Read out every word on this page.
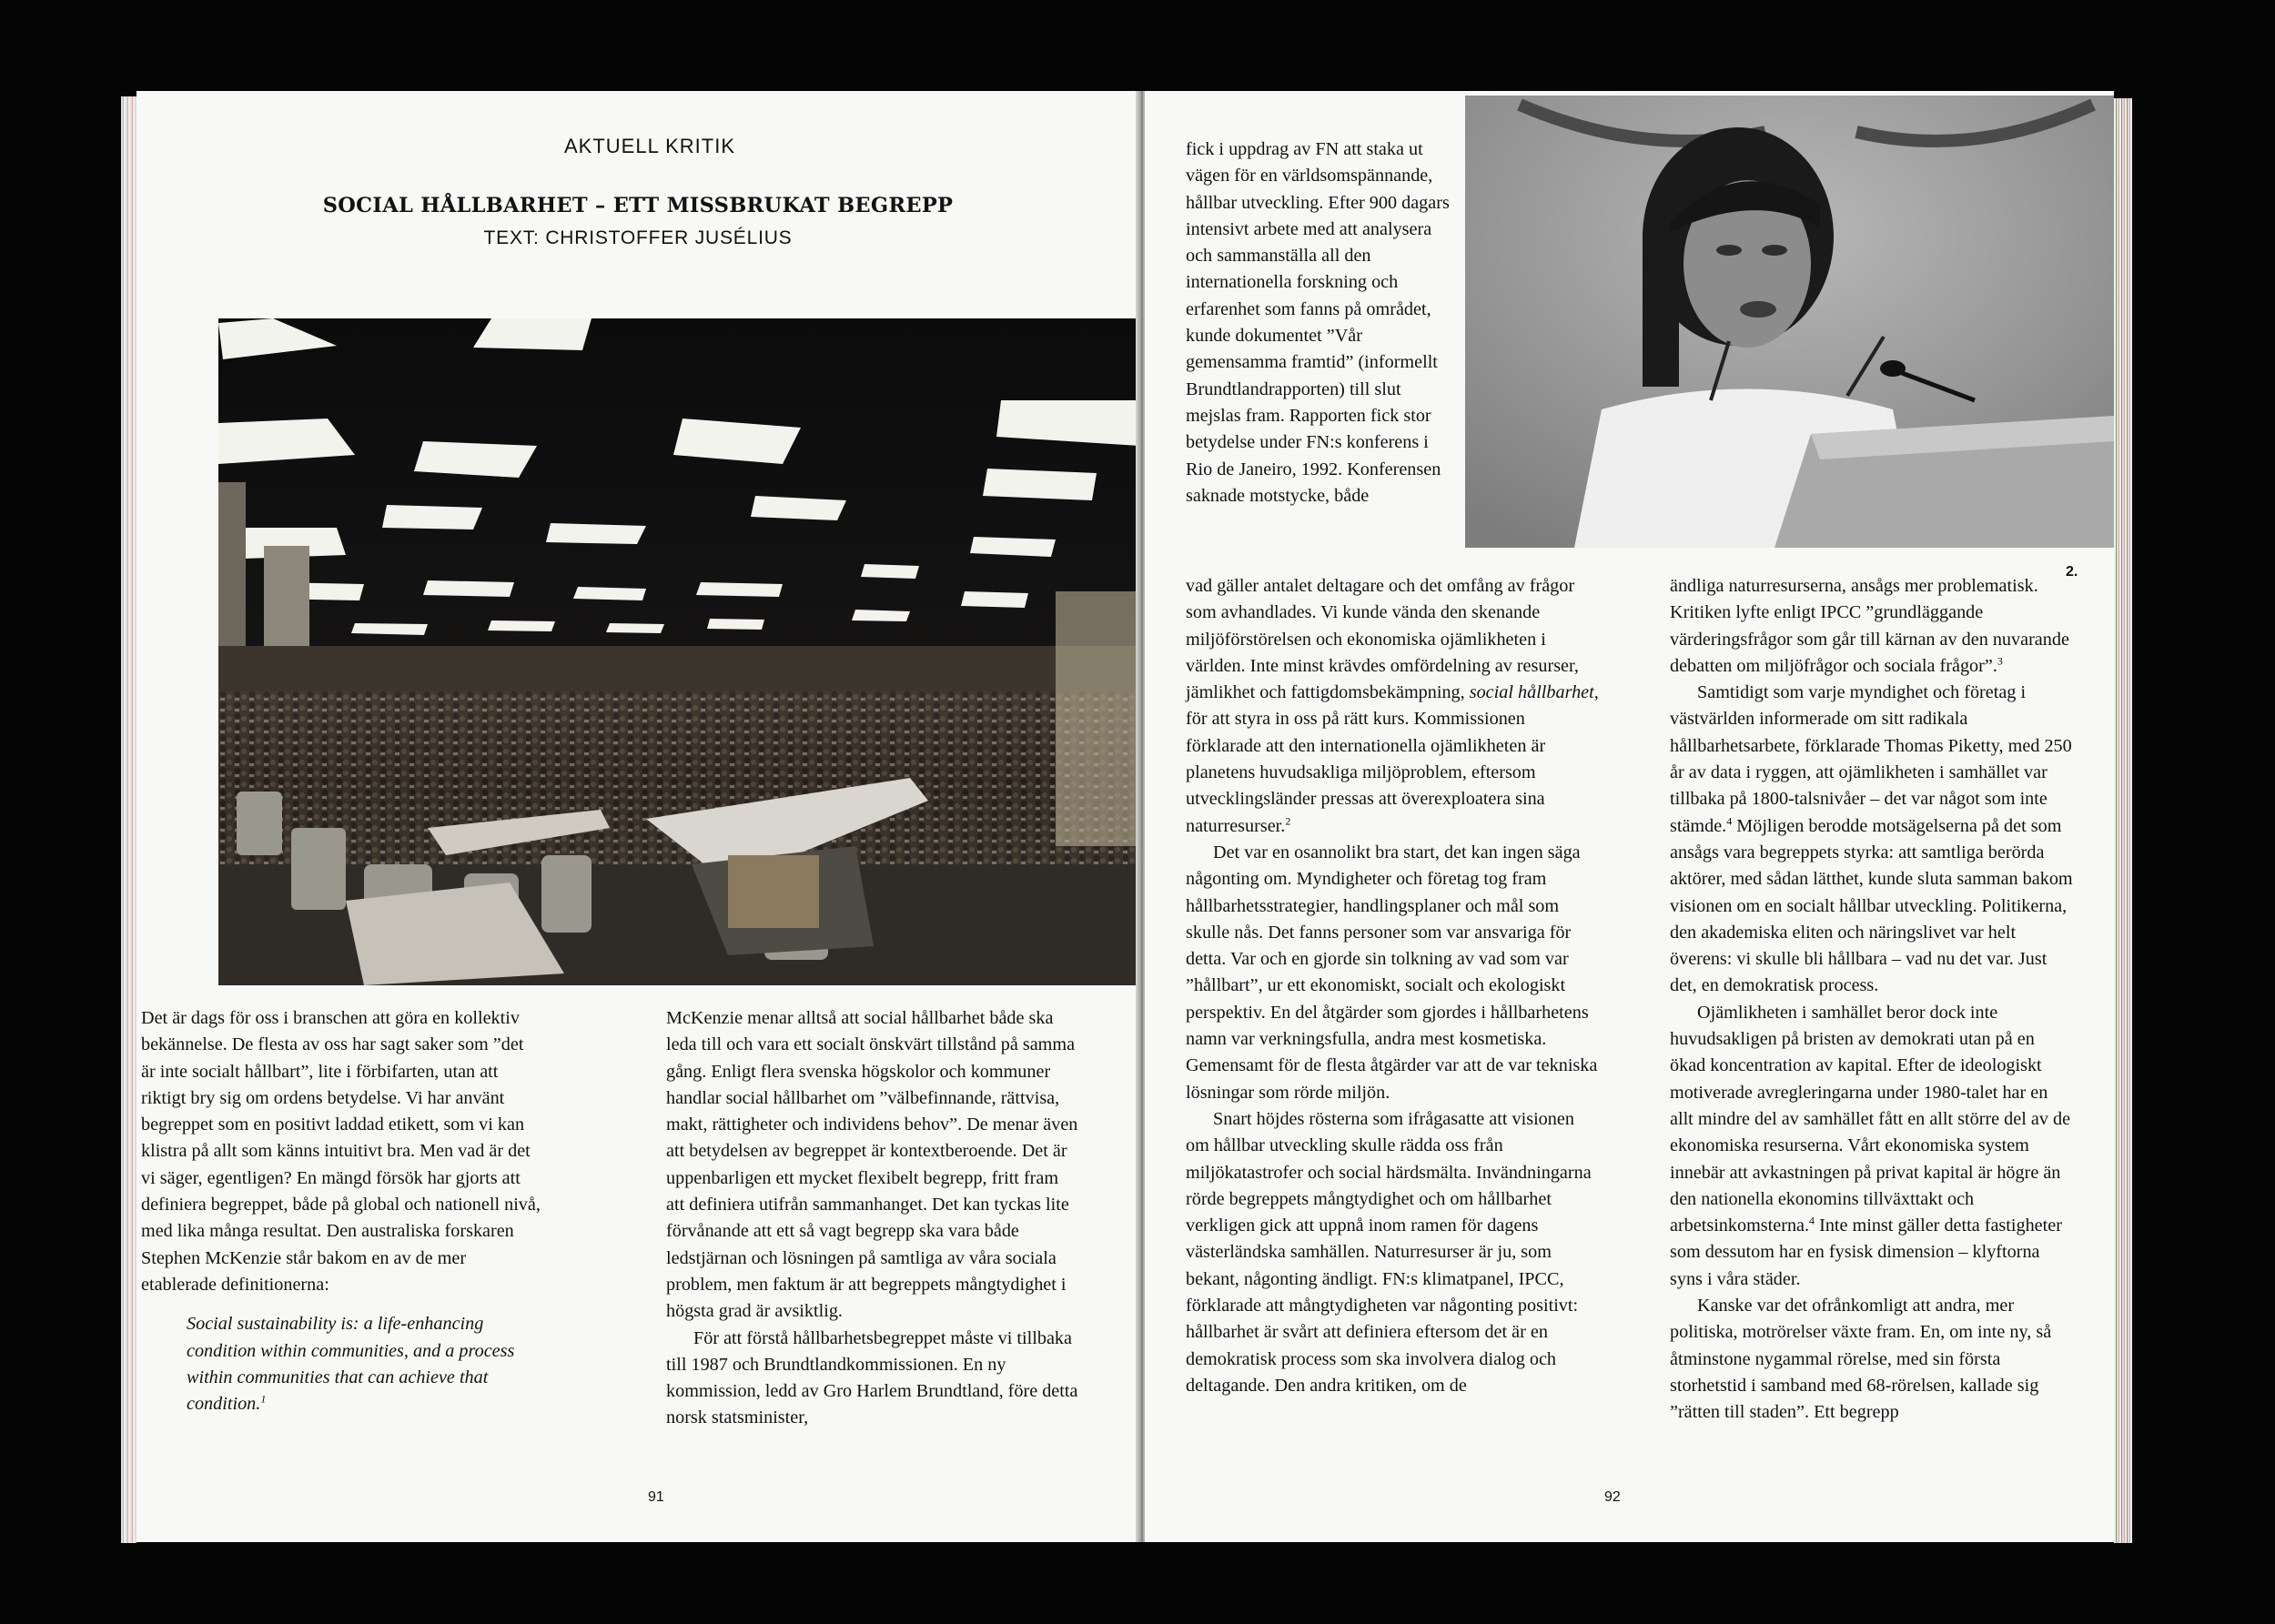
AKTUELL KRITIK
SOCIAL HÅLLBARHET – ETT MISSBRUKAT BEGREPP
TEXT: CHRISTOFFER JUSÉLIUS

Det är dags för oss i branschen att göra en kollektiv bekännelse. De flesta av oss har sagt saker som ”det är inte socialt hållbart”, lite i förbifarten, utan att riktigt bry sig om ordens betydelse. Vi har använt begreppet som en positivt laddad etikett, som vi kan klistra på allt som känns intuitivt bra. Men vad är det vi säger, egentligen? En mängd försök har gjorts att definiera begreppet, både på global och nationell nivå, med lika många resultat. Den australiska forskaren Stephen McKenzie står bakom en av de mer etablerade definitionerna:

Social sustainability is: a life-enhancing condition within communities, and a process within communities that can achieve that condition.$^1$

McKenzie menar alltså att social hållbarhet både ska leda till och vara ett socialt önskvärt tillstånd på samma gång. Enligt flera svenska högskolor och kommuner handlar social hållbarhet om ”välbefinnande, rättvisa, makt, rättigheter och individens behov”. De menar även att betydelsen av begreppet är kontextberoende. Det är uppenbarligen ett mycket flexibelt begrepp, fritt fram att definiera utifrån sammanhanget. Det kan tyckas lite förvånande att ett så vagt begrepp ska vara både ledstjärnan och lösningen på samtliga av våra sociala problem, men faktum är att begreppets mångtydighet i högsta grad är avsiktlig.

För att förstå hållbarhetsbegreppet måste vi tillbaka till 1987 och Brundtlandkommissionen. En ny kommission, ledd av Gro Harlem Brundtland, före detta norsk statsminister,

91
2.

fick i uppdrag av FN att staka ut vägen för en världsomspännande, hållbar utveckling. Efter 900 dagars intensivt arbete med att analysera och sammanställa all den internationella forskning och erfarenhet som fanns på området, kunde dokumentet ”Vår gemensamma framtid” (informellt Brundtlandrapporten) till slut mejslas fram. Rapporten fick stor betydelse under FN:s konferens i Rio de Janeiro, 1992. Konferensen saknade motstycke, både

vad gäller antalet deltagare och det omfång av frågor som avhandlades. Vi kunde vända den skenande miljöförstörelsen och ekonomiska ojämlikheten i världen. Inte minst krävdes omfördelning av resurser, jämlikhet och fattigdomsbekämpning, social hållbarhet, för att styra in oss på rätt kurs. Kommissionen förklarade att den internationella ojämlikheten är planetens huvudsakliga miljöproblem, eftersom utvecklingsländer pressas att överexploatera sina naturresurser.$^2$

Det var en osannolikt bra start, det kan ingen säga någonting om. Myndigheter och företag tog fram hållbarhetsstrategier, handlingsplaner och mål som skulle nås. Det fanns personer som var ansvariga för detta. Var och en gjorde sin tolkning av vad som var ”hållbart”, ur ett ekonomiskt, socialt och ekologiskt perspektiv. En del åtgärder som gjordes i hållbarhetens namn var verkningsfulla, andra mest kosmetiska. Gemensamt för de flesta åtgärder var att de var tekniska lösningar som rörde miljön.

Snart höjdes rösterna som ifrågasatte att visionen om hållbar utveckling skulle rädda oss från miljökatastrofer och social härdsmälta. Invändningarna rörde begreppets mångtydighet och om hållbarhet verkligen gick att uppnå inom ramen för dagens västerländska samhällen. Naturresurser är ju, som bekant, någonting ändligt. FN:s klimatpanel, IPCC, förklarade att mångtydigheten var någonting positivt: hållbarhet är svårt att definiera eftersom det är en demokratisk process som ska involvera dialog och deltagande. Den andra kritiken, om de

ändliga naturresurserna, ansågs mer problematisk. Kritiken lyfte enligt IPCC ”grundläggande värderingsfrågor som går till kärnan av den nuvarande debatten om miljöfrågor och sociala frågor”.$^3$

Samtidigt som varje myndighet och företag i västvärlden informerade om sitt radikala hållbarhetsarbete, förklarade Thomas Piketty, med 250 år av data i ryggen, att ojämlikheten i samhället var tillbaka på 1800-talsnivåer – det var något som inte stämde.$^4$ Möjligen berodde motsägelserna på det som ansågs vara begreppets styrka: att samtliga berörda aktörer, med sådan lätthet, kunde sluta samman bakom visionen om en socialt hållbar utveckling. Politikerna, den akademiska eliten och näringslivet var helt överens: vi skulle bli hållbara – vad nu det var. Just det, en demokratisk process.

Ojämlikheten i samhället beror dock inte huvudsakligen på bristen av demokrati utan på en ökad koncentration av kapital. Efter de ideologiskt motiverade avregleringarna under 1980-talet har en allt mindre del av samhället fått en allt större del av de ekonomiska resurserna. Vårt ekonomiska system innebär att avkastningen på privat kapital är högre än den nationella ekonomins tillväxttakt och arbetsinkomsterna.$^4$ Inte minst gäller detta fastigheter som dessutom har en fysisk dimension – klyftorna syns i våra städer.

Kanske var det ofrånkomligt att andra, mer politiska, motrörelser växte fram. En, om inte ny, så åtminstone nygammal rörelse, med sin första storhetstid i samband med 68-rörelsen, kallade sig ”rätten till staden”. Ett begrepp

92
